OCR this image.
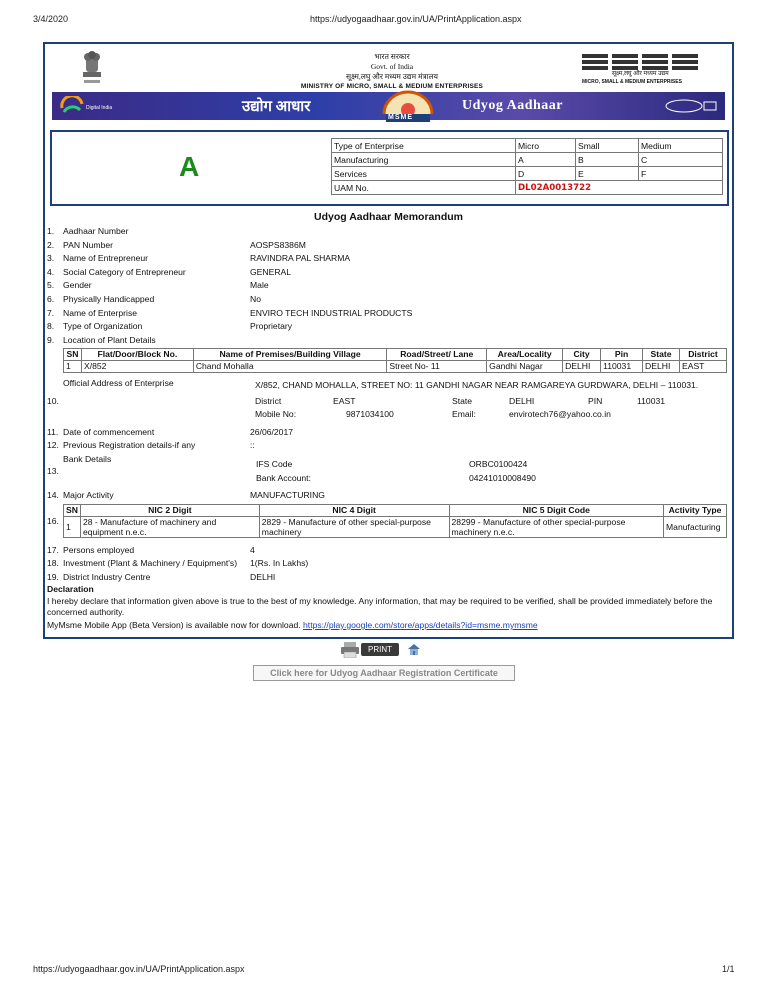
3/4/2020	https://udyogaadhaar.gov.in/UA/PrintApplication.aspx
भारत सरकार
Govt. of India
सूक्ष्म,लघु और मध्यम उद्यम मंत्रालय
MINISTRY OF MICRO, SMALL & MEDIUM ENTERPRISES
सूक्ष्म,लघु और मध्यम उद्यम
MICRO, SMALL & MEDIUM ENTERPRISES
Digital India	उद्योग आधार
MSME
Udyog Aadhaar
A
Type of Enterprise	Micro	Small	Medium
Manufacturing	A	B	C
Services	D	E	F
UAM No.	DL02A0013722		
Udyog Aadhaar Memorandum
1. Aadhaar Number
2. PAN Number	AOSPS8386M
3. Name of Entrepreneur	RAVINDRA PAL SHARMA
4. Social Category of Entrepreneur	GENERAL
5. Gender	Male
6. Physically Handicapped	No
7. Name of Enterprise	ENVIRO TECH INDUSTRIAL PRODUCTS
8. Type of Organization	Proprietary
9. Location of Plant Details
SN	Flat/Door/Block No.	Name of Premises/Building Village	Road/Street/ Lane	Area/Locality	City	Pin	State	District
1	X/852	Chand Mohalla	Street No- 11	Gandhi Nagar	DELHI	110031	DELHI	EAST
Official Address of Enterprise	X/852, CHAND MOHALLA, STREET NO: 11 GANDHI NAGAR NEAR RAMGAREYA GURDWARA, DELHI – 110031.
10.	District	EAST	State	DELHI	PIN	110031
Mobile No:	9871034100	Email:	envirotech76@yahoo.co.in
11. Date of commencement	26/06/2017
12. Previous Registration details-if any	::
Bank Details
13.
IFS Code	ORBC0100424
Bank Account:	04241010008490
14. Major Activity	MANUFACTURING
16.
SN	NIC 2 Digit	NIC 4 Digit	NIC 5 Digit Code	Activity Type
1	28 - Manufacture of machinery and equipment n.e.c.	2829 - Manufacture of other special-purpose machinery	28299 - Manufacture of other special-purpose machinery n.e.c.	Manufacturing
17. Persons employed	4
18. Investment (Plant & Machinery / Equipment's) 1(Rs. In Lakhs)
19. District Industry Centre	DELHI
Declaration
I hereby declare that information given above is true to the best of my knowledge. Any information, that may be required to be verified, shall be provided immediately before the concerned authority.
MyMsme Mobile App (Beta Version) is available now for download. https://play.google.com/store/apps/details?id=msme.mymsme
PRINT
Click here for Udyog Aadhaar Registration Certificate
https://udyogaadhaar.gov.in/UA/PrintApplication.aspx	1/1
